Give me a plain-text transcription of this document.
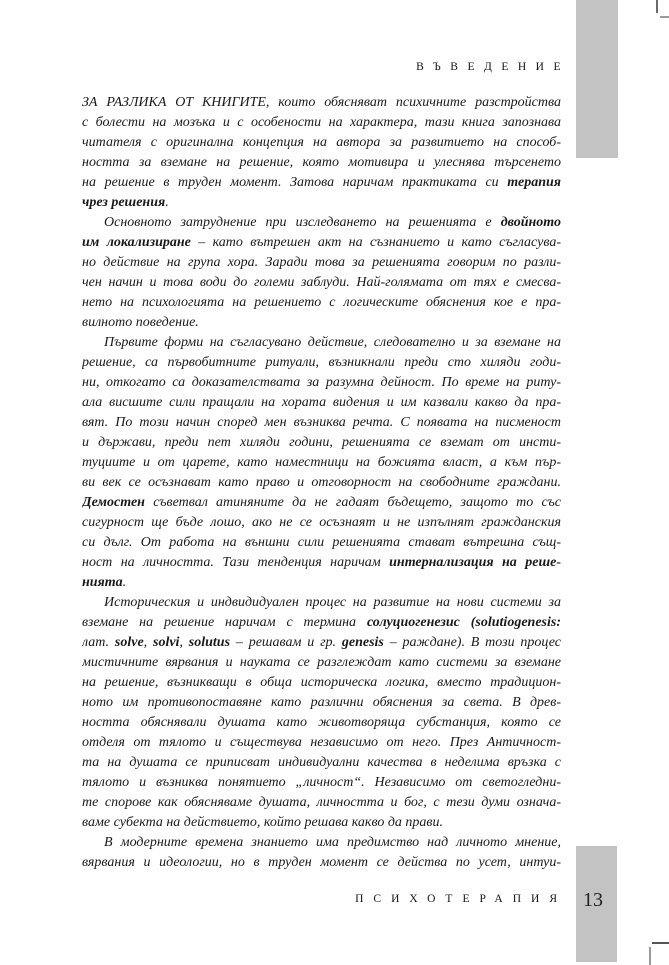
ВЪВЕДЕНИЕ
ЗА РАЗЛИКА ОТ КНИГИТЕ, които обясняват психичните разстройства
с болести на мозъка и с особености на характера, тази книга запознава
читателя с оригинална концепция на автора за развитието на способ-
ността за вземане на решение, която мотивира и улеснява търсенето
на решение в труден момент. Затова наричам практиката си терапия
чрез решения.
Основното затруднение при изследването на решенията е двойното
им локализиране – като вътрешен акт на съзнанието и като съгласува-
но действие на група хора. Заради това за решенията говорим по разли-
чен начин и това води до големи заблуди. Най-голямата от тях е смесва-
нето на психологията на решението с логическите обяснения кое е пра-
вилното поведение.
Първите форми на съгласувано действие, следователно и за вземане на
решение, са първобитните ритуали, възникнали преди сто хиляди годи-
ни, откогато са доказателствата за разумна дейност. По време на риту-
ала висшите сили пращали на хората видения и им казвали какво да пра-
вят. По този начин според мен възниква речта. С появата на писменост
и държави, преди пет хиляди години, решенията се вземат от инсти-
туциите и от царете, като наместници на божията власт, а към пър-
ви век се осъзнават като право и отговорност на свободните граждани.
Демостен съветвал атиняните да не гадаят бъдещето, защото то със
сигурност ще бъде лошо, ако не се осъзнаят и не изпълнят гражданския
си дълг. От работа на външни сили решенията стават вътрешна същ-
ност на личността. Тази тенденция наричам интернализация на реше-
нията.
Историческия и индвидидуален процес на развитие на нови системи за
вземане на решение наричам с термина солуциогенезис (solutiogenesis:
лат. solve, solvi, solutus – решавам и гр. genesis – раждане). В този процес
мистичните вярвания и науката се разглеждат като системи за вземане
на решение, възникващи в обща историческа логика, вместо традицион-
ното им противопоставяне като различни обяснения за света. В древ-
ността обяснявали душата като животворяща субстанция, която се
отделя от тялото и съществува независимо от него. През Античност-
та на душата се приписват индивидуални качества в неделима връзка с
тялото и възниква понятието „личност“. Независимо от светогледни-
те спорове как обясняваме душата, личността и бог, с тези думи означа-
ваме субекта на действието, който решава какво да прави.
В модерните времена знанието има предимство над личното мнение,
вярвания и идеологии, но в труден момент се действа по усет, интуи-
ПСИХОТЕРАПИЯ 13
